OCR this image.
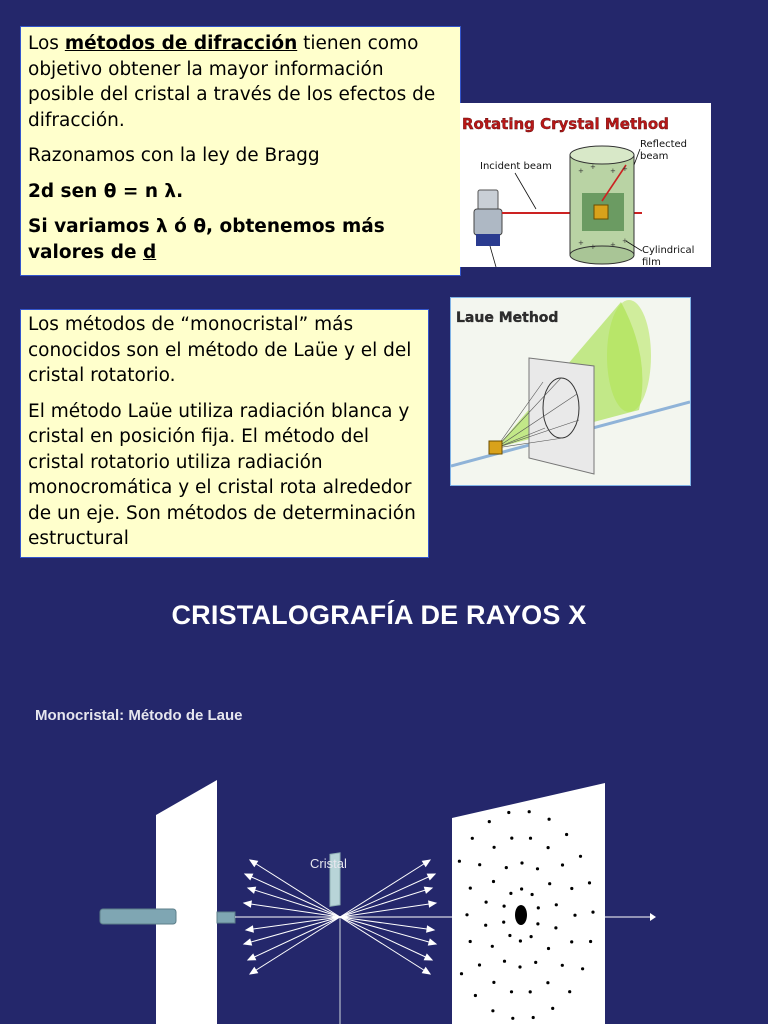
Los métodos de difracción tienen como objetivo obtener la mayor información posible del cristal a través de los efectos de difracción.

Razonamos con la ley de Bragg

2d sen θ = n λ.

Si variamos λ ó θ, obtenemos más valores de d

Rotating Crystal Method
Incident beam
Reflected
beam
Cylindrical
film
+ + + +
+ + + +

Los métodos de “monocristal” más conocidos son el método de Laüe y el del cristal rotatorio.

El método Laüe utiliza radiación blanca y cristal en posición fija. El método del cristal rotatorio utiliza radiación monocromática y el cristal rota alrededor de un eje. Son métodos de determinación estructural

Laue Method
CRISTALOGRAFÍA DE RAYOS X
Monocristal: Método de Laue
Cristal
